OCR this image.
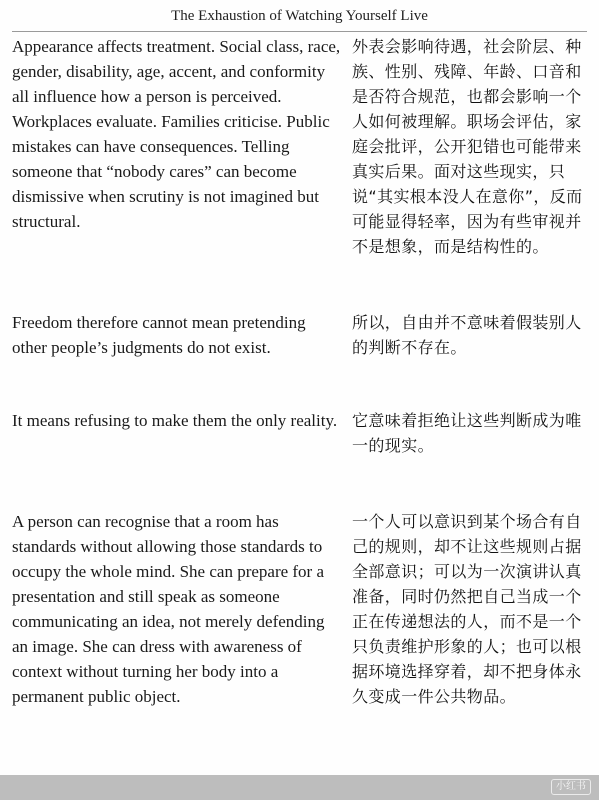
The Exhaustion of Watching Yourself Live

Appearance affects treatment. Social class, race, gender, disability, age, accent, and conformity all influence how a person is perceived. Workplaces evaluate. Families criticise. Public mistakes can have consequences. Telling someone that “nobody cares” can become dismissive when scrutiny is not imagined but structural.

外表会影响待遇，社会阶层、种族、性别、残障、年龄、口音和是否符合规范，也都会影响一个人如何被理解。职场会评估，家庭会批评，公开犯错也可能带来真实后果。面对这些现实，只说“其实根本没人在意你”，反而可能显得轻率，因为有些审视并不是想象，而是结构性的。

Freedom therefore cannot mean pretending other people’s judgments do not exist.

所以，自由并不意味着假装别人的判断不存在。

It means refusing to make them the only reality. 它意味着拒绝让这些判断成为唯一的现实。

A person can recognise that a room has standards without allowing those standards to occupy the whole mind. She can prepare for a presentation and still speak as someone communicating an idea, not merely defending an image. She can dress with awareness of context without turning her body into a permanent public object.

一个人可以意识到某个场合有自己的规则，却不让这些规则占据全部意识；可以为一次演讲认真准备，同时仍然把自己当成一个正在传递想法的人，而不是一个只负责维护形象的人；也可以根据环境选择穿着，却不把身体永久变成一件公共物品。

小红书
